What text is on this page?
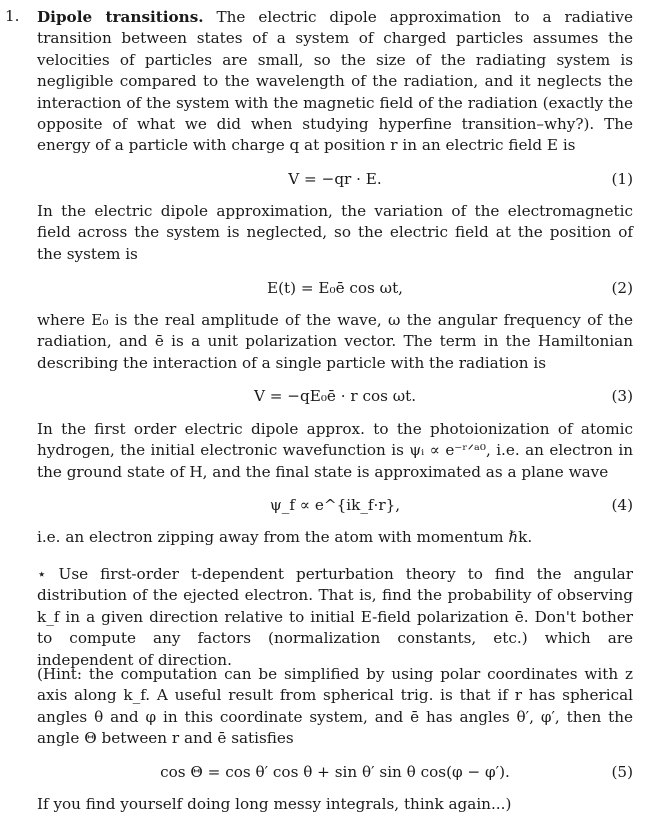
1. Dipole transitions. The electric dipole approximation to a radiative transition between states of a system of charged particles assumes the velocities of particles are small, so the size of the radiating system is negligible compared to the wavelength of the radiation, and it neglects the interaction of the system with the magnetic field of the radiation (exactly the opposite of what we did when studying hyperfine transition–why?). The energy of a particle with charge q at position r in an electric field E is

V = −qr · E.	(1)

In the electric dipole approximation, the variation of the electromagnetic field across the system is neglected, so the electric field at the position of the system is

E(t) = E₀ē cos ωt,	(2)

where E₀ is the real amplitude of the wave, ω the angular frequency of the radiation, and ē is a unit polarization vector. The term in the Hamiltonian describing the interaction of a single particle with the radiation is

V = −qE₀ē · r cos ωt.	(3)

In the first order electric dipole approx. to the photoionization of atomic hydrogen, the initial electronic wavefunction is ψᵢ ∝ e⁻ʳᐟᵃ⁰, i.e. an electron in the ground state of H, and the final state is approximated as a plane wave

ψ_f ∝ e^{ik_f·r},	(4)

i.e. an electron zipping away from the atom with momentum ℏk.

⋆ Use first-order t-dependent perturbation theory to find the angular distribution of the ejected electron. That is, find the probability of observing k_f in a given direction relative to initial E-field polarization ē. Don't bother to compute any factors (normalization constants, etc.) which are independent of direction.

(Hint: the computation can be simplified by using polar coordinates with z axis along k_f. A useful result from spherical trig. is that if r has spherical angles θ and φ in this coordinate system, and ē has angles θ′, φ′, then the angle Θ between r and ē satisfies

cos Θ = cos θ′ cos θ + sin θ′ sin θ cos(φ − φ′).	(5)

If you find yourself doing long messy integrals, think again...)
